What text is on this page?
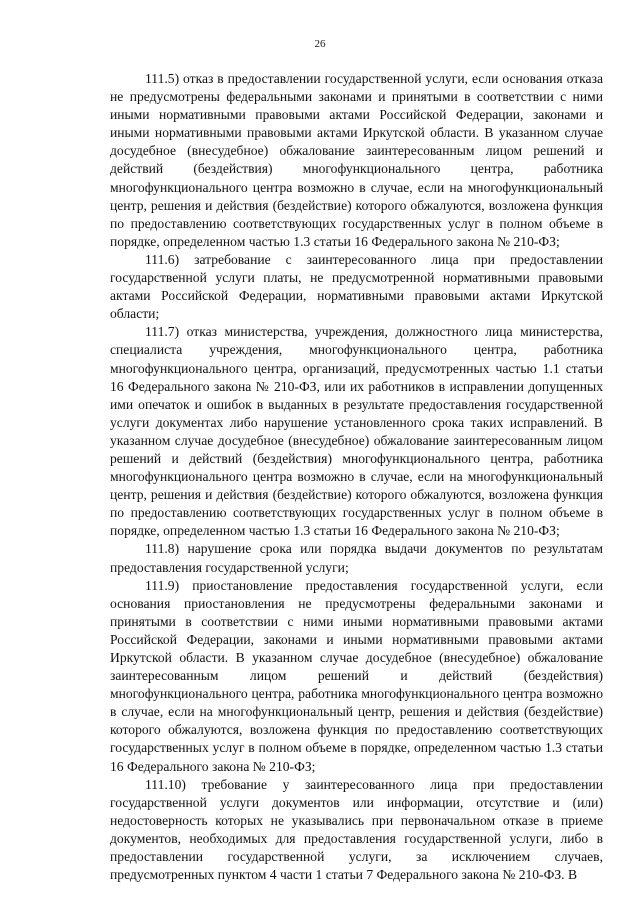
26

111.5) отказ в предоставлении государственной услуги, если основания отказа не предусмотрены федеральными законами и принятыми в соответствии с ними иными нормативными правовыми актами Российской Федерации, законами и иными нормативными правовыми актами Иркутской области. В указанном случае досудебное (внесудебное) обжалование заинтересованным лицом решений и действий (бездействия) многофункционального центра, работника многофункционального центра возможно в случае, если на многофункциональный центр, решения и действия (бездействие) которого обжалуются, возложена функция по предоставлению соответствующих государственных услуг в полном объеме в порядке, определенном частью 1.3 статьи 16 Федерального закона № 210-ФЗ;

111.6) затребование с заинтересованного лица при предоставлении государственной услуги платы, не предусмотренной нормативными правовыми актами Российской Федерации, нормативными правовыми актами Иркутской области;

111.7) отказ министерства, учреждения, должностного лица министерства, специалиста учреждения, многофункционального центра, работника многофункционального центра, организаций, предусмотренных частью 1.1 статьи 16 Федерального закона № 210-ФЗ, или их работников в исправлении допущенных ими опечаток и ошибок в выданных в результате предоставления государственной услуги документах либо нарушение установленного срока таких исправлений. В указанном случае досудебное (внесудебное) обжалование заинтересованным лицом решений и действий (бездействия) многофункционального центра, работника многофункционального центра возможно в случае, если на многофункциональный центр, решения и действия (бездействие) которого обжалуются, возложена функция по предоставлению соответствующих государственных услуг в полном объеме в порядке, определенном частью 1.3 статьи 16 Федерального закона № 210-ФЗ;

111.8) нарушение срока или порядка выдачи документов по результатам предоставления государственной услуги;

111.9) приостановление предоставления государственной услуги, если основания приостановления не предусмотрены федеральными законами и принятыми в соответствии с ними иными нормативными правовыми актами Российской Федерации, законами и иными нормативными правовыми актами Иркутской области. В указанном случае досудебное (внесудебное) обжалование заинтересованным лицом решений и действий (бездействия) многофункционального центра, работника многофункционального центра возможно в случае, если на многофункциональный центр, решения и действия (бездействие) которого обжалуются, возложена функция по предоставлению соответствующих государственных услуг в полном объеме в порядке, определенном частью 1.3 статьи 16 Федерального закона № 210-ФЗ;

111.10) требование у заинтересованного лица при предоставлении государственной услуги документов или информации, отсутствие и (или) недостоверность которых не указывались при первоначальном отказе в приеме документов, необходимых для предоставления государственной услуги, либо в предоставлении государственной услуги, за исключением случаев, предусмотренных пунктом 4 части 1 статьи 7 Федерального закона № 210-ФЗ. В
